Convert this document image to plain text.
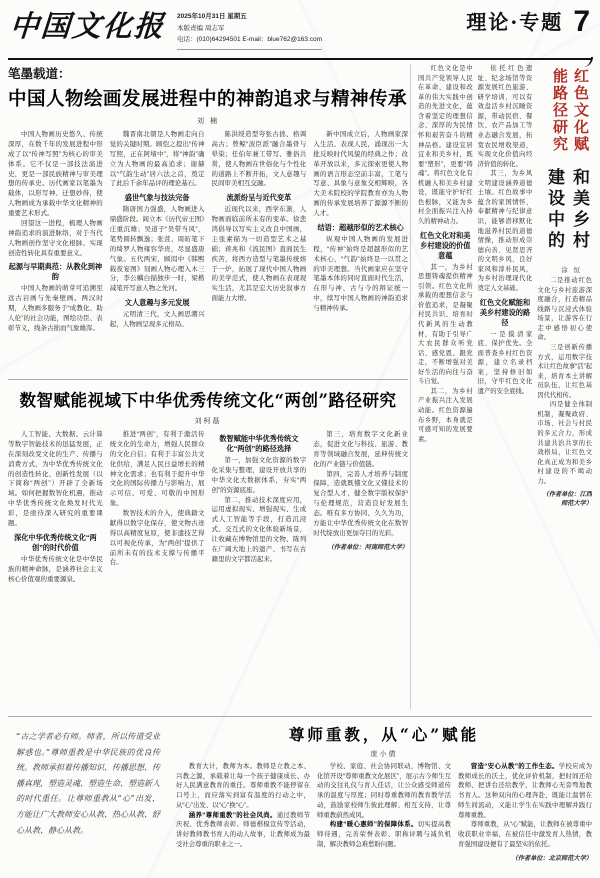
中国文化报 2025年10月31日 星期五
本版责编 周志军
电话：(010)64294501 E-mail：blue762@163.com
理论·专题 7
笔墨载道：
中国人物绘画发展进程中的神韵追求与精神传承
刘 楠

中国人物画历史悠久、传统深厚，在数千年的发展进程中形成了以“传神写照”为核心的审美体系。它不仅是一部技法演进史，更是一部民族精神与审美理想的传承史。历代画家以笔墨为载体，以形写神、迁想妙得，使人物画成为承载中华文化精神的重要艺术形式。

回望这一进程，梳理人物画神韵追求的演进脉络，对于当代人物画创作坚守文化根脉、实现创造性转化具有重要意义。

起源与早期典范：从教化到神韵

中国人物画的萌芽可追溯至远古岩画与先秦壁画。两汉时期，人物画多服务于“成教化、助人伦”的社会功能，图绘功臣、表彰节义，线条古拙而气象雄浑。

魏晋南北朝是人物画走向自觉的关键时期。顾恺之提出“传神写照，正在阿堵中”，将“神韵”确立为人物画的最高追求；谢赫以“气韵生动”居六法之首，奠定了此后千余年品评的理论基石。

盛世气象与技法完备

隋唐国力强盛，人物画进入鼎盛阶段。阎立本《历代帝王图》庄重沉雄；吴道子“吴带当风”，笔势圆转飘逸；张萱、周昉笔下的绮罗人物雍容华贵，尽显盛唐气象。五代两宋，顾闳中《韩熙载夜宴图》刻画人物心理入木三分，李公麟白描独步一时，梁楷减笔开写意人物之先河。

文人意趣与多元发展

元明清三代，文人画思潮兴起，人物画呈现多元格局。

陈洪绶造型夸张古拙、格调高古；曾鲸“波臣派”融合墨骨与晕染；任伯年兼工带写、雅俗共赏，使人物画在世俗化与个性化的道路上不断开拓，文人意趣与民间审美相互交融。

流派纷呈与近代变革

近现代以来，西学东渐，人物画面临前所未有的变革。徐悲鸿倡导以写实主义改良中国画，主张素描为一切造型艺术之基础；蒋兆和《流民图》直面民生疾苦，将西方造型与笔墨传统熔于一炉，拓展了现代中国人物画的美学范式，使人物画在表现现实生活，尤其是宏大历史叙事方面能力大增。

新中国成立后，人物画家深入生活、表现人民，涌现出一大批反映时代风貌的经典之作；改革开放以来，多元探索更使人物画的语言形态空前丰富，工笔与写意、具象与意象交相辉映，各大美术院校的学院教育亦为人物画的传承发展培养了源源不断的人才。

结语：超越形似的艺术核心

纵观中国人物画的发展进程，“传神”始终是超越形似的艺术核心，“气韵”始终是一以贯之的审美理想。当代画家应在坚守笔墨本体的同时直面时代生活，在形与神、古与今的辩证统一中，续写中国人物画的神韵追求与精神传承。

红色文化是中国共产党领导人民在革命、建设和改革的伟大实践中创造的先进文化，蕴含着坚定的理想信念、深厚的为民情怀和艰苦奋斗的精神品格。建设宜居宜业和美乡村，既要“塑形”，更要“铸魂”。将红色文化有机融入和美乡村建设，既能守护好红色根脉，又能为乡村全面振兴注入持久的精神动力。

红色文化对和美乡村建设的价值意蕴

其一，为乡村思想铸魂提供精神引领。红色文化所承载的理想信念与价值追求，是凝聚村民共识、培育时代新风的生动教材，有助于引导广大农民群众听党话、感党恩、跟党走，不断增强对美好生活的向往与奋斗自觉。

其二，为乡村产业振兴注入发展动能。红色资源遍布乡野，本身就是可感可知的发展要素。

依托红色遗址、纪念场馆等资源发展红色旅游、研学培训，可以有效盘活乡村沉睡资源，带动民宿、餐饮、农产品加工等业态融合发展，拓宽农民增收渠道，实现文化价值向经济价值的转化。

其三，为乡风文明建设涵养道德土壤。红色故事中蕴含的家国情怀、奉献精神与纪律意识，能够潜移默化地滋养村民的道德情操，推动形成崇德向善、见贤思齐的文明乡风、良好家风和淳朴民风，为乡村治理现代化奠定人文基础。

红色文化赋能和美乡村建设的路径

一是摸清家底、保护优先。全面普查乡村红色资源，建立名录档案，坚持修旧如旧，守牢红色文化遗产的安全底线。

红色文化赋能路径研究
和美乡村建设中的
涂 恒

二是推动红色文化与乡村旅游深度融合，打造精品线路与沉浸式体验场景，让游客在行走中感悟初心使命。

三是创新传播方式，运用数字技术让红色故事“活”起来，培育本土讲解员队伍，让红色基因代代相传。

四是健全体制机制，凝聚政府、市场、社会与村民的多元合力，形成共建共治共享的长效格局，让红色文化真正成为和美乡村建设的不竭动力。

（作者单位：江西师范大学）

数智赋能视域下中华优秀传统文化“两创”路径研究
刘柯磊

人工智能、大数据、云计算等数字智能技术的迅猛发展，正在深刻改变文化的生产、传播与消费方式，为中华优秀传统文化的创造性转化、创新性发展（以下简称“两创”）开辟了全新场域。如何把握数智化机遇，推动中华优秀传统文化焕发时代光彩，是亟待深入研究的重要课题。

深化中华优秀传统文化“两创”的时代价值

中华优秀传统文化是中华民族的精神命脉，是涵养社会主义核心价值观的重要源泉。

推进“两创”，有利于激活传统文化的生命力，增强人民群众的文化自信；有利于丰富公共文化供给，满足人民日益增长的精神文化需求；也有利于提升中华文化的国际传播力与影响力，展示可信、可爱、可敬的中国形象。

数智技术的介入，使典籍文献得以数字化保存，使文物古迹得以高精度复原，使非遗技艺得以可视化传承，为“两创”提供了前所未有的技术支撑与传播平台。

数智赋能中华优秀传统文化“两创”的路径选择

第一，加强文化资源的数字化采集与整理，建设开放共享的中华文化大数据体系，夯实“两创”的资源底座。

第二，推动技术深度应用，运用虚拟现实、增强现实、生成式人工智能等手段，打造沉浸式、交互式的文化体验新场景，让收藏在博物馆里的文物、陈列在广阔大地上的遗产、书写在古籍里的文字都活起来。

第三，培育数字文化新业态，促进文化与科技、旅游、教育等领域融合发展，延伸传统文化的产业链与价值链。

第四，完善人才培养与制度保障，造就既懂文化又懂技术的复合型人才，健全数字版权保护与伦理规范，营造良好发展生态。唯有多方协同、久久为功，方能让中华优秀传统文化在数智时代绽放出更加夺目的光彩。

（作者单位：河南师范大学）

“古之学者必有师。师者，所以传道受业解惑也。”尊师重教是中华民族的优良传统。教师承担着传播知识、传播思想、传播真理，塑造灵魂、塑造生命、塑造新人的时代重任。让尊师重教从“心”出发，方能让广大教师安心从教、热心从教、舒心从教、静心从教。
尊师重教，从“心”赋能
庞小倩

教育大计，教师为本。教师是立教之本、兴教之源，承载着让每一个孩子健康成长、办好人民满意教育的重任。尊师重教不能停留在口号上，而应落实到富有温度的行动之中，从“心”出发、以“心”换“心”。

涵养“尊师重教”的社会风尚。通过教师节庆祝、优秀教师表彰、师德楷模宣传等活动，讲好教师教书育人的动人故事，让教师成为最受社会尊重的职业之一。

学校、家庭、社会协同联动，博物馆、文化馆开设“尊师重教文化展区”，展示古今师生互动的交往礼仪与育人佳话，让公众感受师道传承的温度与厚度；同时尊重教师的教育教学活动，鼓励家校师生彼此理解、相互支持，让尊师重教蔚然成风。

构建“暖心惠师”的保障体系。切实提高教师待遇，完善荣誉表彰、职称评聘与减负机制，解决教师急难愁盼问题。

营造“安心从教”的工作生态。学校应成为教师成长的沃土，优化评价机制，把时间还给教师、把讲台还给教学，让教师心无旁骛地教书育人。这种双向的心理奔赴，既能让温情在师生间流动，又能让学生在实践中理解并践行尊师重教。

尊师重教，从“心”赋能，让教师在被尊重中收获职业幸福、在被信任中激发育人热情，教育强国建设便有了最坚实的依托。

（作者单位：北京师范大学）
